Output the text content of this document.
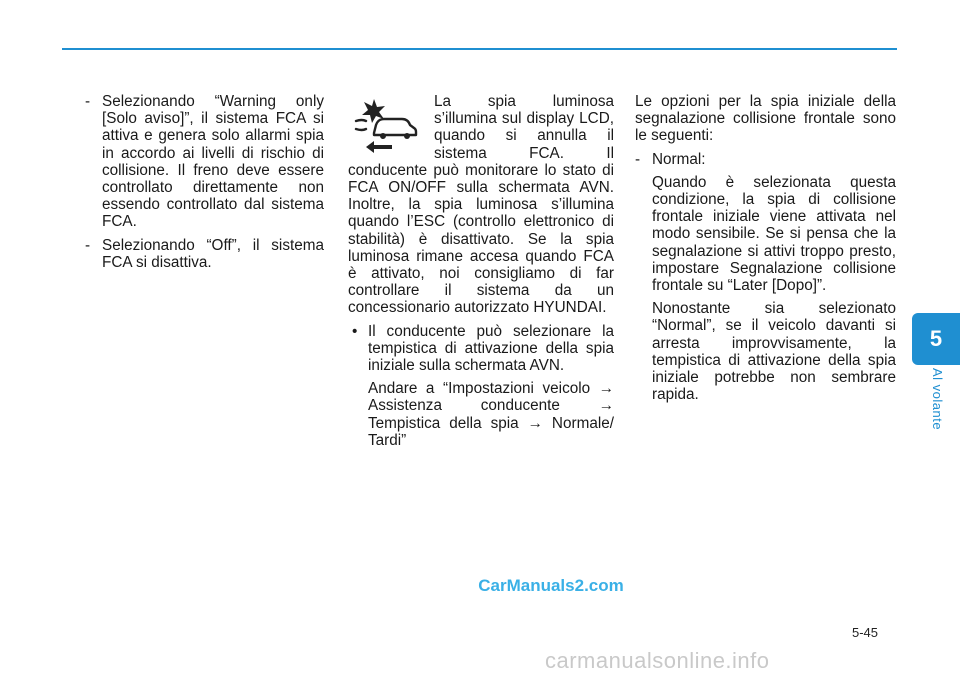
- Selezionando “Warning only [Solo aviso]”, il sistema FCA si attiva e genera solo allarmi spia in accordo ai livelli di rischio di collisione. Il freno deve essere controllato direttamente non essendo controllato dal sistema FCA.

- Selezionando “Off”, il sistema FCA si disattiva.

La spia luminosa s’illumina sul display LCD, quando si annulla il sistema FCA. Il conducente può monitorare lo stato di FCA ON/OFF sulla schermata AVN. Inoltre, la spia luminosa s’illumina quando l’ESC (controllo elettronico di stabilità) è disattivato. Se la spia luminosa rimane accesa quando FCA è attivato, noi consigliamo di far controllare il sistema da un concessionario autorizzato HYUNDAI.

• Il conducente può selezionare la tempistica di attivazione della spia iniziale sulla schermata AVN.

Andare a “Impostazioni veicolo → Assistenza conducente → Tempistica della spia → Normale/ Tardi”

Le opzioni per la spia iniziale della segnalazione collisione frontale sono le seguenti:

- Normal:

Quando è selezionata questa condizione, la spia di collisione frontale iniziale viene attivata nel modo sensibile. Se si pensa che la segnalazione si attivi troppo presto, impostare Segnalazione collisione frontale su “Later [Dopo]”.

Nonostante sia selezionato “Normal”, se il veicolo davanti si arresta improvvisamente, la tempistica di attivazione della spia iniziale potrebbe non sembrare rapida.

5
Al volante
5-45
CarManuals2.com
carmanualsonline.info
